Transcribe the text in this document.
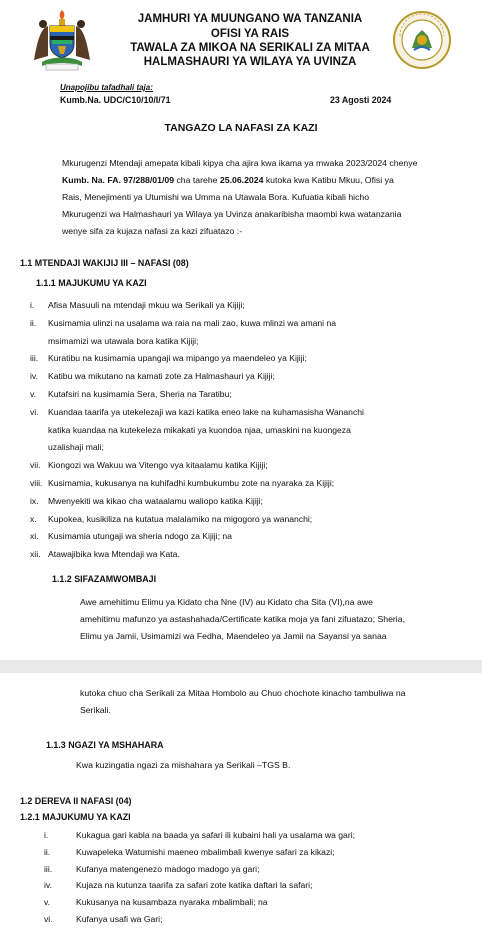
JAMHURI YA MUUNGANO WA TANZANIA
OFISI YA RAIS
TAWALA ZA MIKOA NA SERIKALI ZA MITAA
HALMASHAURI YA WILAYA YA UVINZA
Unapojibu tafadhali taja:
Kumb.Na. UDC/C10/10/I/71	23 Agosti 2024
TANGAZO LA NAFASI ZA KAZI
Mkurugenzi Mtendaji amepata kibali kipya cha ajira kwa ikama ya mwaka 2023/2024 chenye
Kumb. Na. FA. 97/288/01/09 cha tarehe 25.06.2024 kutoka kwa Katibu Mkuu, Ofisi ya
Rais, Menejimenti ya Utumishi wa Umma na Utawala Bora. Kufuatia kibali hicho
Mkurugenzi wa Halmashauri ya Wilaya ya Uvinza anakaribisha maombi kwa watanzania
wenye sifa za kujaza nafasi za kazi zifuatazo :-
1.1 MTENDAJI WAKIJIJ III – NAFASI (08)
1.1.1 MAJUKUMU YA KAZI
i. Afisa Masuuli na mtendaji mkuu wa Serikali ya Kijiji;
ii. Kusimamia ulinzi na usalama wa raia na mali zao, kuwa mlinzi wa amani na
msimamizi wa utawala bora katika Kijiji;
iii. Kuratibu na kusimamia upangaji wa mipango ya maendeleo ya Kijiji;
iv. Katibu wa mikutano na kamati zote za Halmashauri ya Kijiji;
v. Kutafsiri na kusimamia Sera, Sheria na Taratibu;
vi. Kuandaa taarifa ya utekelezaji wa kazi katika eneo lake na kuhamasisha Wananchi
katika kuandaa na kutekeleza mikakati ya kuondoa njaa, umaskini na kuongeza
uzalishaji mali;
vii. Kiongozi wa Wakuu wa Vitengo vya kitaalamu katika Kijiji;
viii. Kusimamia, kukusanya na kuhifadhi kumbukumbu zote na nyaraka za Kijiji;
ix. Mwenyekiti wa kikao cha wataalamu waliopo katika Kijiji;
x. Kupokea, kusikiliza na kutatua malalamiko na migogoro ya wananchi;
xi. Kusimamia utungaji wa sheria ndogo za Kijiji; na
xii. Atawajibika kwa Mtendaji wa Kata.
1.1.2 SIFAZAMWOMBAJI
Awe amehitimu Elimu ya Kidato cha Nne (IV) au Kidato cha Sita (VI),na awe
amehitimu mafunzo ya astashahada/Certificate katika moja ya fani zifuatazo; Sheria,
Elimu ya Jamii, Usimamizi wa Fedha, Maendeleo ya Jamii na Sayansi ya sanaa
kutoka chuo cha Serikali za Mitaa Hombolo au Chuo chochote kinacho tambuliwa na
Serikali.
1.1.3 NGAZI YA MSHAHARA
Kwa kuzingatia ngazi za mishahara ya Serikali –TGS B.
1.2 DEREVA II NAFASI (04)
1.2.1 MAJUKUMU YA KAZI
i.	Kukagua gari kabla na baada ya safari ili kubaini hali ya usalama wa gari;
ii.	Kuwapeleka Watumishi maeneo mbalimbali kwenye safari za kikazi;
iii.	Kufanya matengenezo madogo madogo ya gari;
iv.	Kujaza na kutunza taarifa za safari zote katika daftari la safari;
v.	Kukusanya na kusambaza nyaraka mbalimbali; na
vi.	Kufanya usafi wa Gari;
